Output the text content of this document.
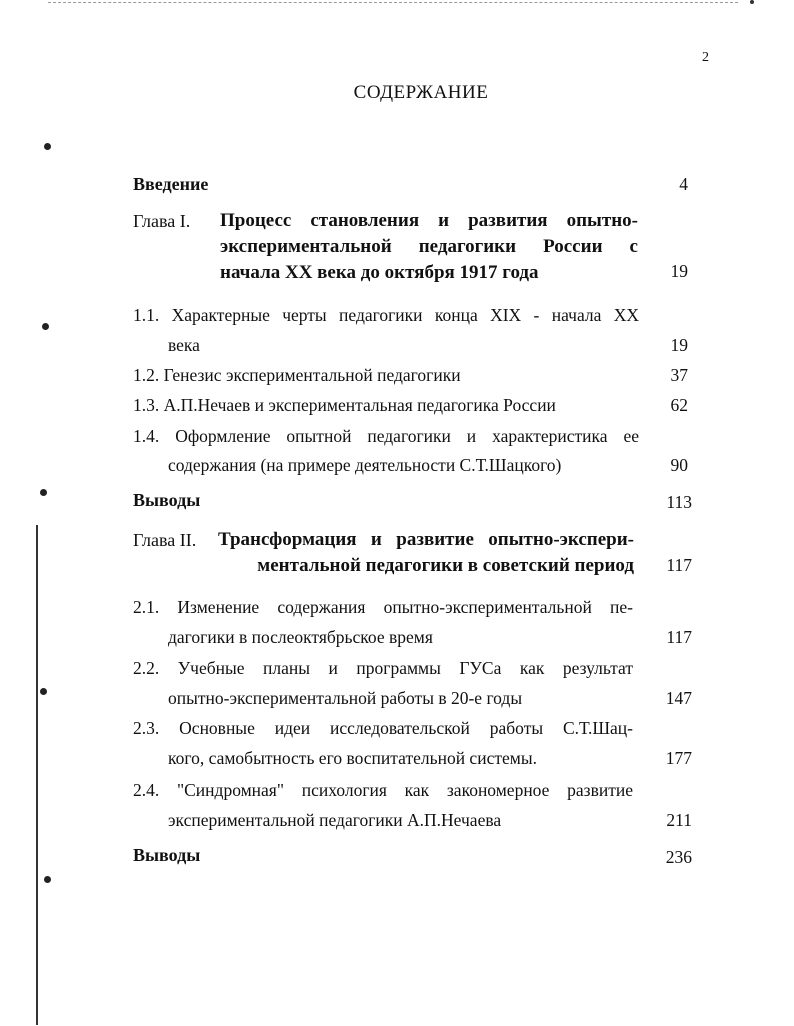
2
СОДЕРЖАНИЕ
Введение	4
Глава I. Процесс становления и развития опытно-
экспериментальной педагогики России с
начала XX века до октября 1917 года	19
1.1. Характерные черты педагогики конца XIX - начала XX
века	19
1.2. Генезис экспериментальной педагогики	37
1.3. А.П.Нечаев и экспериментальная педагогика России	62
1.4. Оформление опытной педагогики и характеристика ее
содержания (на примере деятельности С.Т.Шацкого)	90
Выводы	113
Глава II. Трансформация и развитие опытно-экспери-
ментальной педагогики в советский период	117
2.1. Изменение содержания опытно-экспериментальной пе-
дагогики в послеоктябрьское время	117
2.2. Учебные планы и программы ГУСа как результат
опытно-экспериментальной работы в 20-е годы	147
2.3. Основные идеи исследовательской работы С.Т.Шац-
кого, самобытность его воспитательной системы.	177
2.4. "Синдромная" психология как закономерное развитие
экспериментальной педагогики А.П.Нечаева	211
Выводы	236
